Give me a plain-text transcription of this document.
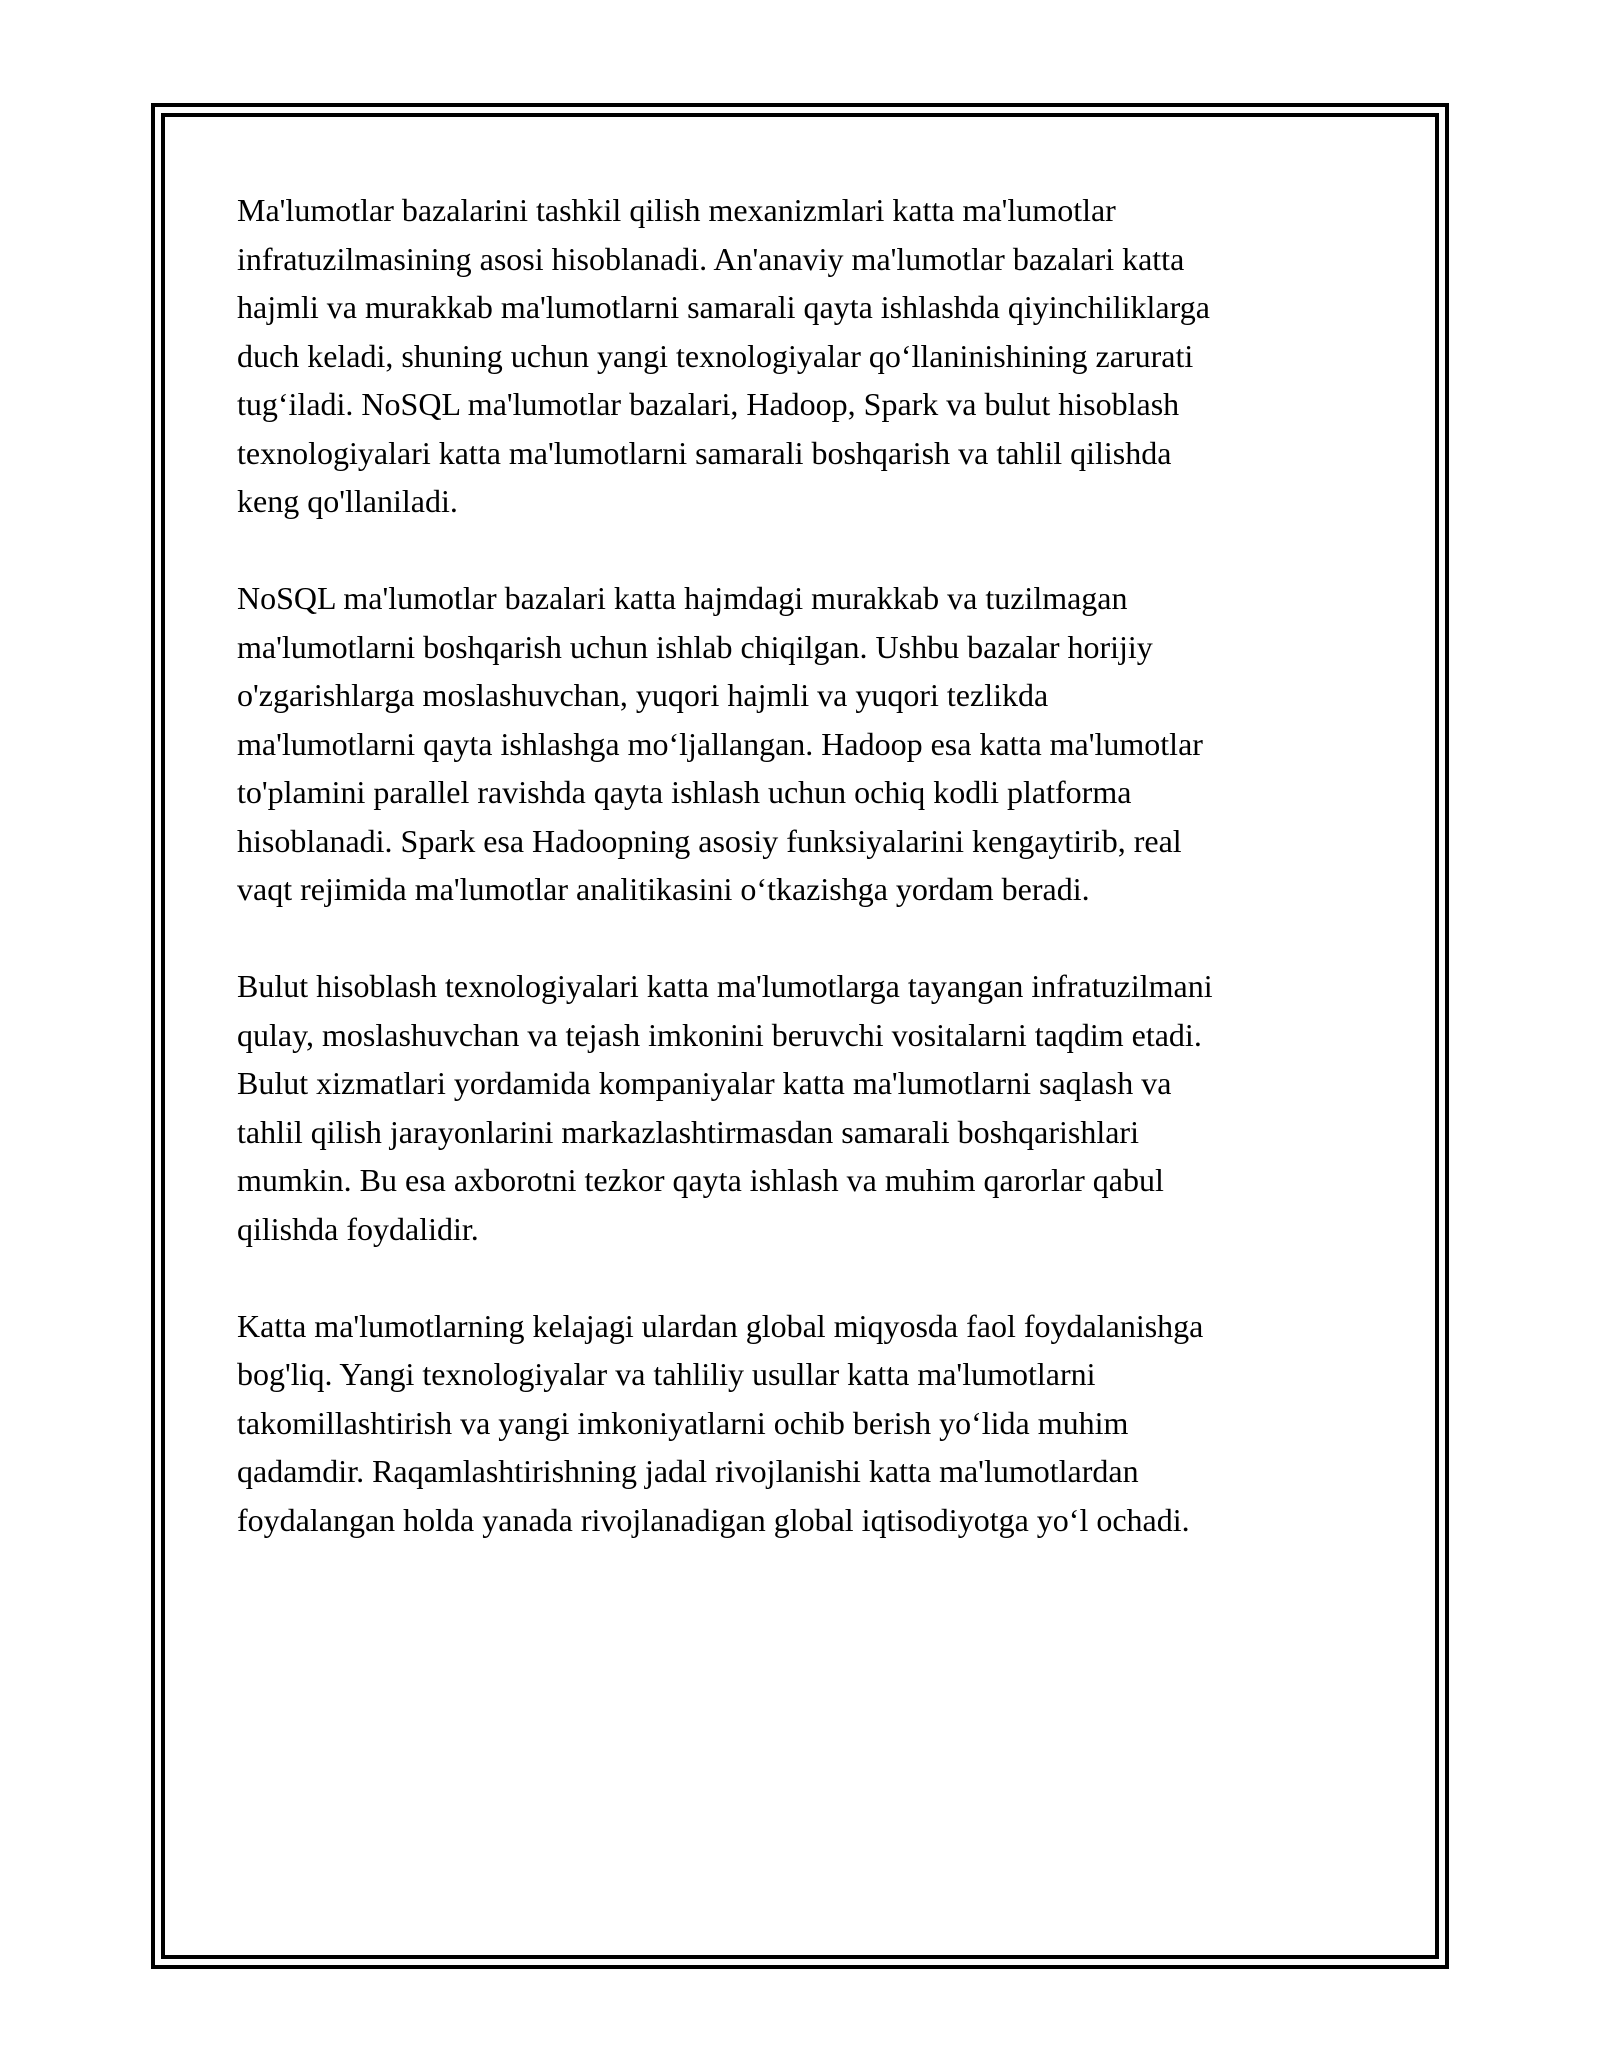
Ma'lumotlar bazalarini tashkil qilish mexanizmlari katta ma'lumotlar
infratuzilmasining asosi hisoblanadi. An'anaviy ma'lumotlar bazalari katta
hajmli va murakkab ma'lumotlarni samarali qayta ishlashda qiyinchiliklarga
duch keladi, shuning uchun yangi texnologiyalar qo‘llaninishining zarurati
tug‘iladi. NoSQL ma'lumotlar bazalari, Hadoop, Spark va bulut hisoblash
texnologiyalari katta ma'lumotlarni samarali boshqarish va tahlil qilishda
keng qo'llaniladi.

NoSQL ma'lumotlar bazalari katta hajmdagi murakkab va tuzilmagan
ma'lumotlarni boshqarish uchun ishlab chiqilgan. Ushbu bazalar horijiy
o'zgarishlarga moslashuvchan, yuqori hajmli va yuqori tezlikda
ma'lumotlarni qayta ishlashga mo‘ljallangan. Hadoop esa katta ma'lumotlar
to'plamini parallel ravishda qayta ishlash uchun ochiq kodli platforma
hisoblanadi. Spark esa Hadoopning asosiy funksiyalarini kengaytirib, real
vaqt rejimida ma'lumotlar analitikasini o‘tkazishga yordam beradi.

Bulut hisoblash texnologiyalari katta ma'lumotlarga tayangan infratuzilmani
qulay, moslashuvchan va tejash imkonini beruvchi vositalarni taqdim etadi.
Bulut xizmatlari yordamida kompaniyalar katta ma'lumotlarni saqlash va
tahlil qilish jarayonlarini markazlashtirmasdan samarali boshqarishlari
mumkin. Bu esa axborotni tezkor qayta ishlash va muhim qarorlar qabul
qilishda foydalidir.

Katta ma'lumotlarning kelajagi ulardan global miqyosda faol foydalanishga
bog'liq. Yangi texnologiyalar va tahliliy usullar katta ma'lumotlarni
takomillashtirish va yangi imkoniyatlarni ochib berish yo‘lida muhim
qadamdir. Raqamlashtirishning jadal rivojlanishi katta ma'lumotlardan
foydalangan holda yanada rivojlanadigan global iqtisodiyotga yo‘l ochadi.
